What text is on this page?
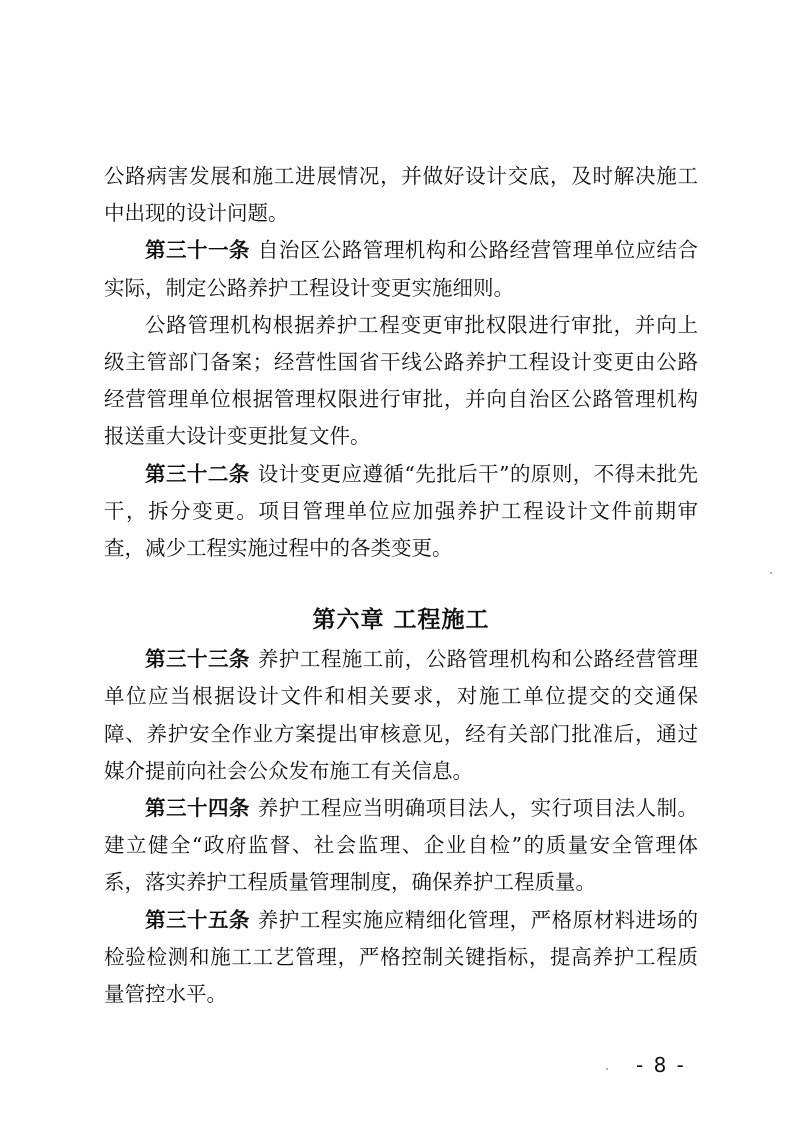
公路病害发展和施工进展情况，并做好设计交底，及时解决施工中出现的设计问题。

第三十一条 自治区公路管理机构和公路经营管理单位应结合实际，制定公路养护工程设计变更实施细则。

公路管理机构根据养护工程变更审批权限进行审批，并向上级主管部门备案；经营性国省干线公路养护工程设计变更由公路经营管理单位根据管理权限进行审批，并向自治区公路管理机构报送重大设计变更批复文件。

第三十二条 设计变更应遵循“先批后干”的原则，不得未批先干，拆分变更。项目管理单位应加强养护工程设计文件前期审查，减少工程实施过程中的各类变更。

第六章 工程施工

第三十三条 养护工程施工前，公路管理机构和公路经营管理单位应当根据设计文件和相关要求，对施工单位提交的交通保障、养护安全作业方案提出审核意见，经有关部门批准后，通过媒介提前向社会公众发布施工有关信息。

第三十四条 养护工程应当明确项目法人，实行项目法人制。建立健全“政府监督、社会监理、企业自检”的质量安全管理体系，落实养护工程质量管理制度，确保养护工程质量。

第三十五条 养护工程实施应精细化管理，严格原材料进场的检验检测和施工工艺管理，严格控制关键指标，提高养护工程质量管控水平。

- 8 -
